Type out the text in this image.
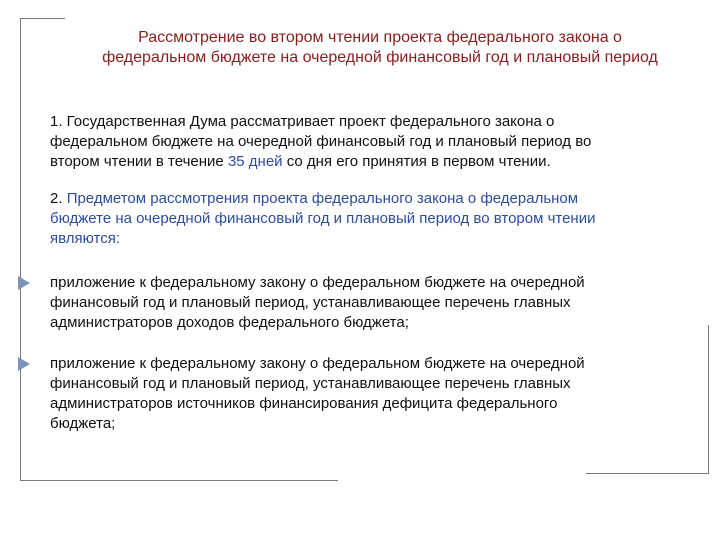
Рассмотрение во втором чтении проекта федерального закона о
федеральном бюджете на очередной финансовый год и плановый период
1. Государственная Дума рассматривает проект федерального закона о
федеральном бюджете на очередной финансовый год и плановый период во
втором чтении в течение 35 дней со дня его принятия в первом чтении.
2. Предметом рассмотрения проекта федерального закона о федеральном
бюджете на очередной финансовый год и плановый период во втором чтении
являются:
приложение к федеральному закону о федеральном бюджете на очередной
финансовый год и плановый период, устанавливающее перечень главных
администраторов доходов федерального бюджета;
приложение к федеральному закону о федеральном бюджете на очередной
финансовый год и плановый период, устанавливающее перечень главных
администраторов источников финансирования дефицита федерального
бюджета;
